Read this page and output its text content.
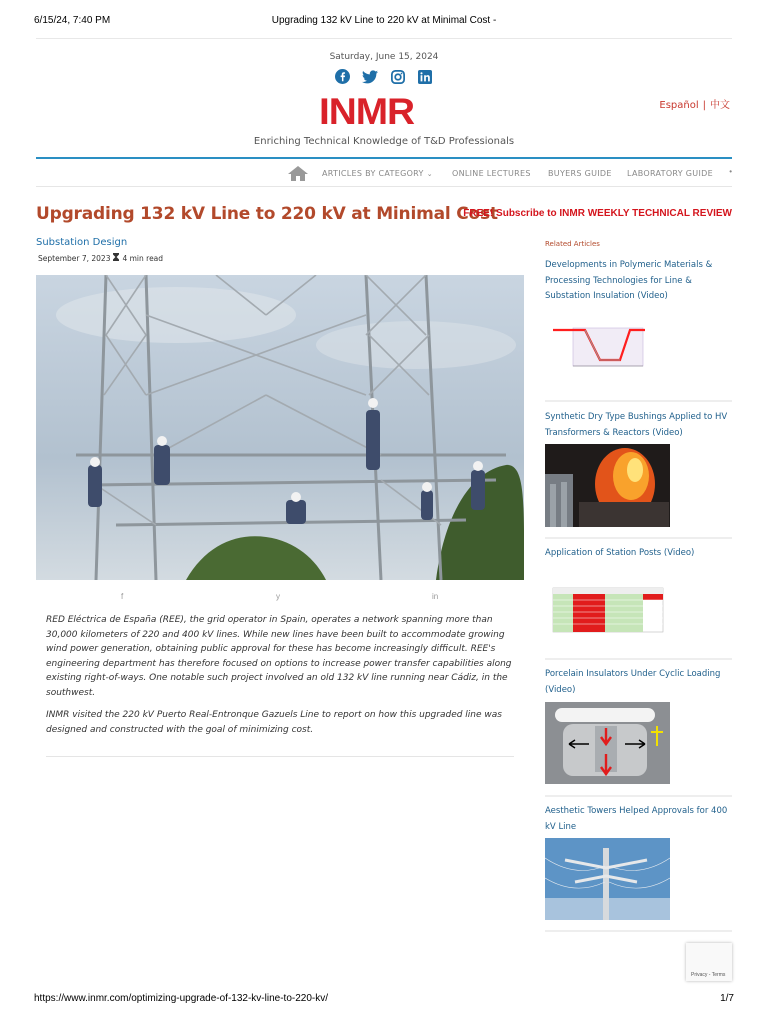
6/15/24, 7:40 PM	Upgrading 132 kV Line to 220 kV at Minimal Cost -
Saturday, June 15, 2024
INMR	Español | 中文
Enriching Technical Knowledge of T&D Professionals
ARTICLES BY CATEGORY ⌄ ONLINE LECTURES BUYERS GUIDE LABORATORY GUIDE •
Upgrading 132 kV Line to 220 kV at Minimal Cost
FREE! Subscribe to INMR WEEKLY TECHNICAL REVIEW
Substation Design
September 7, 2023 4 min read
f	y	in

RED Eléctrica de España (REE), the grid operator in Spain, operates a network spanning more than 30,000 kilometers of 220 and 400 kV lines. While new lines have been built to accommodate growing wind power generation, obtaining public approval for these has become increasingly difficult. REE's engineering department has therefore focused on options to increase power transfer capabilities along existing right-of-ways. One notable such project involved an old 132 kV line running near Cádiz, in the southwest.

INMR visited the 220 kV Puerto Real-Entronque Gazuels Line to report on how this upgraded line was designed and constructed with the goal of minimizing cost.

Related Articles
Developments in Polymeric Materials & Processing Technologies for Line & Substation Insulation (Video)
Synthetic Dry Type Bushings Applied to HV Transformers & Reactors (Video)
Application of Station Posts (Video)
Porcelain Insulators Under Cyclic Loading (Video)
Aesthetic Towers Helped Approvals for 400 kV Line
Privacy - Terms
https://www.inmr.com/optimizing-upgrade-of-132-kv-line-to-220-kv/	1/7
